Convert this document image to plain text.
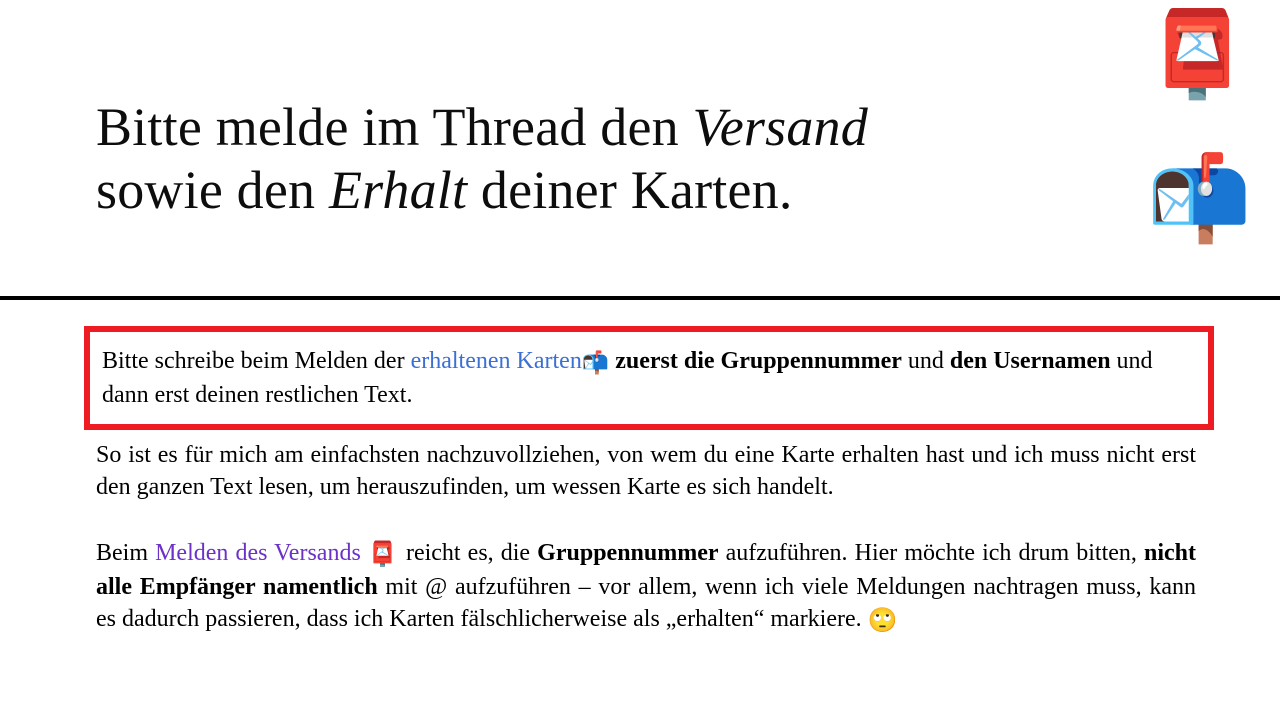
Bitte melde im Thread den Versand
sowie den Erhalt deiner Karten.
📮
📬

Bitte schreibe beim Melden der erhaltenen Karten📬 zuerst die Gruppennummer und den Usernamen und dann erst deinen restlichen Text.

So ist es für mich am einfachsten nachzuvollziehen, von wem du eine Karte erhalten hast und ich muss nicht erst den ganzen Text lesen, um herauszufinden, um wessen Karte es sich handelt.

Beim Melden des Versands 📮 reicht es, die Gruppennummer aufzuführen. Hier möchte ich drum bitten, nicht alle Empfänger namentlich mit @ aufzuführen – vor allem, wenn ich viele Meldungen nachtragen muss, kann es dadurch passieren, dass ich Karten fälschlicherweise als „erhalten“ markiere. 🙄
